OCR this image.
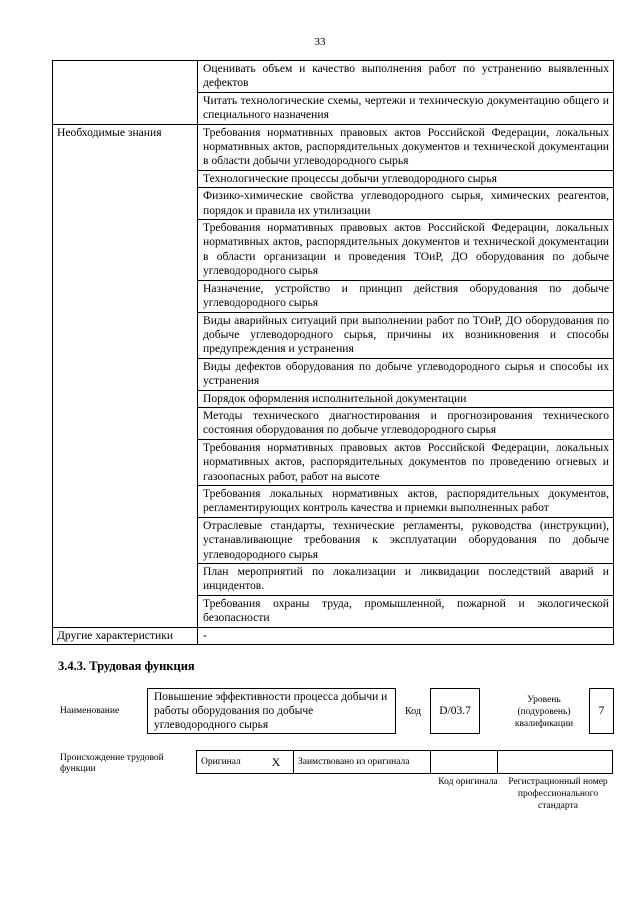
33
	Оценивать объем и качество выполнения работ по устранению выявленных дефектов
	Читать технологические схемы, чертежи и техническую документацию общего и специального назначения
Необходимые знания	Требования нормативных правовых актов Российской Федерации, локальных нормативных актов, распорядительных документов и технической документации в области добычи углеводородного сырья
	Технологические процессы добычи углеводородного сырья
	Физико-химические свойства углеводородного сырья, химических реагентов, порядок и правила их утилизации
	Требования нормативных правовых актов Российской Федерации, локальных нормативных актов, распорядительных документов и технической документации в области организации и проведения ТОиР, ДО оборудования по добыче углеводородного сырья
	Назначение, устройство и принцип действия оборудования по добыче углеводородного сырья
	Виды аварийных ситуаций при выполнении работ по ТОиР, ДО оборудования по добыче углеводородного сырья, причины их возникновения и способы предупреждения и устранения
	Виды дефектов оборудования по добыче углеводородного сырья и способы их устранения
	Порядок оформления исполнительной документации
	Методы технического диагностирования и прогнозирования технического состояния оборудования по добыче углеводородного сырья
	Требования нормативных правовых актов Российской Федерации, локальных нормативных актов, распорядительных документов по проведению огневых и газоопасных работ, работ на высоте
	Требования локальных нормативных актов, распорядительных документов, регламентирующих контроль качества и приемки выполненных работ
	Отраслевые стандарты, технические регламенты, руководства (инструкции), устанавливающие требования к эксплуатации оборудования по добыче углеводородного сырья
	План мероприятий по локализации и ликвидации последствий аварий и инцидентов.
	Требования охраны труда, промышленной, пожарной и экологической безопасности
Другие характеристики	-
3.4.3. Трудовая функция
Наименование
Повышение эффективности процесса добычи и работы оборудования по добыче углеводородного сырья
Код	D/03.7
Уровень (подуровень) квалификации
7
Происхождение трудовой функции
Оригинал	X	Заимствовано из оригинала		
Код оригинала Регистрационный номер профессионального стандарта
